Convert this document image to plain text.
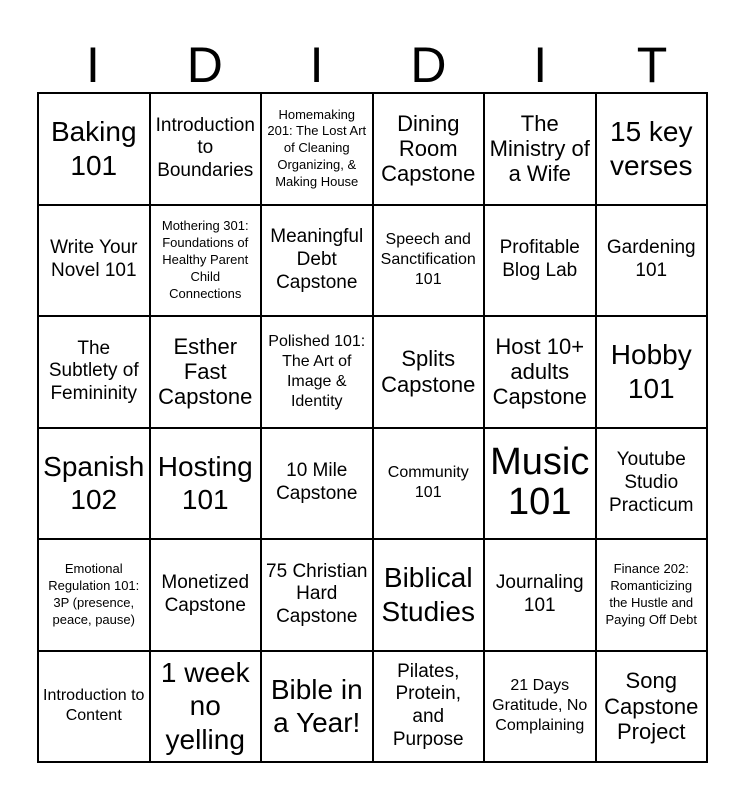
I	D	I	D	I	T
Baking 101
Introduction to Boundaries
Homemaking 201: The Lost Art of Cleaning Organizing, & Making House
Dining Room Capstone
The Ministry of a Wife
15 key verses
Write Your Novel 101
Mothering 301: Foundations of Healthy Parent Child Connections
Meaningful Debt Capstone
Speech and Sanctification 101
Profitable Blog Lab
Gardening 101
The Subtlety of Femininity
Esther Fast Capstone
Polished 101: The Art of Image & Identity
Splits Capstone
Host 10+ adults Capstone
Hobby 101
Spanish 102
Hosting 101
10 Mile Capstone
Community 101
Music 101
Youtube Studio Practicum
Emotional Regulation 101: 3P (presence, peace, pause)
Monetized Capstone
75 Christian Hard Capstone
Biblical Studies
Journaling 101
Finance 202: Romanticizing the Hustle and Paying Off Debt
Introduction to Content
1 week no yelling
Bible in a Year!
Pilates, Protein, and Purpose
21 Days Gratitude, No Complaining
Song Capstone Project
